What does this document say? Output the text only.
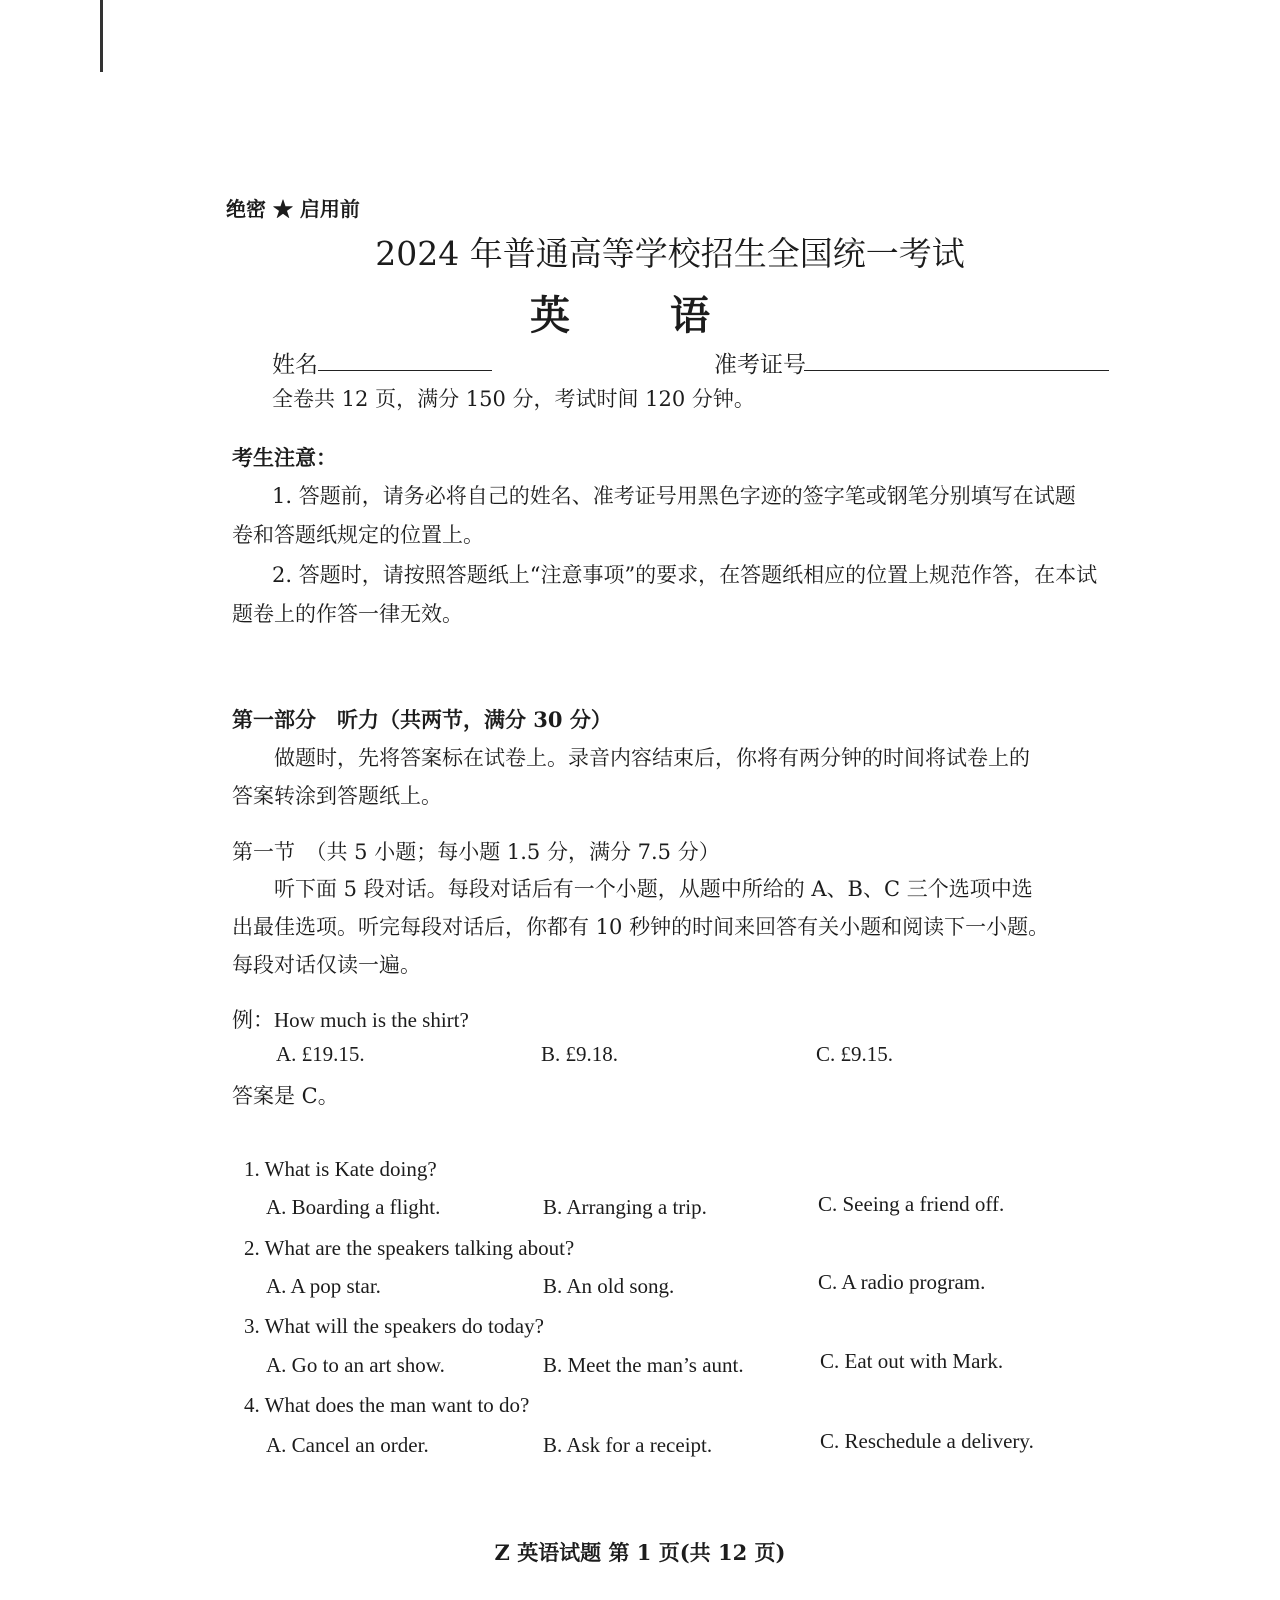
绝密 ★ 启用前
2024 年普通高等学校招生全国统一考试
英语
姓名	准考证号
全卷共 12 页，满分 150 分，考试时间 120 分钟。
考生注意：
1. 答题前，请务必将自己的姓名、准考证号用黑色字迹的签字笔或钢笔分别填写在试题
卷和答题纸规定的位置上。
2. 答题时，请按照答题纸上“注意事项”的要求，在答题纸相应的位置上规范作答，在本试
题卷上的作答一律无效。
第一部分　听力（共两节，满分 30 分）
做题时，先将答案标在试卷上。录音内容结束后，你将有两分钟的时间将试卷上的
答案转涂到答题纸上。
第一节　（共 5 小题；每小题 1.5 分，满分 7.5 分）
听下面 5 段对话。每段对话后有一个小题，从题中所给的 A、B、C 三个选项中选
出最佳选项。听完每段对话后，你都有 10 秒钟的时间来回答有关小题和阅读下一小题。
每段对话仅读一遍。
例：How much is the shirt?
A. £19.15.	B. £9.18.	C. £9.15.
答案是 C。
1. What is Kate doing?
A. Boarding a flight.	B. Arranging a trip.	C. Seeing a friend off.
2. What are the speakers talking about?
A. A pop star.	B. An old song.	C. A radio program.
3. What will the speakers do today?
A. Go to an art show.	B. Meet the man’s aunt.	C. Eat out with Mark.
4. What does the man want to do?
A. Cancel an order.	B. Ask for a receipt.	C. Reschedule a delivery.
Z 英语试题 第 1 页(共 12 页)
